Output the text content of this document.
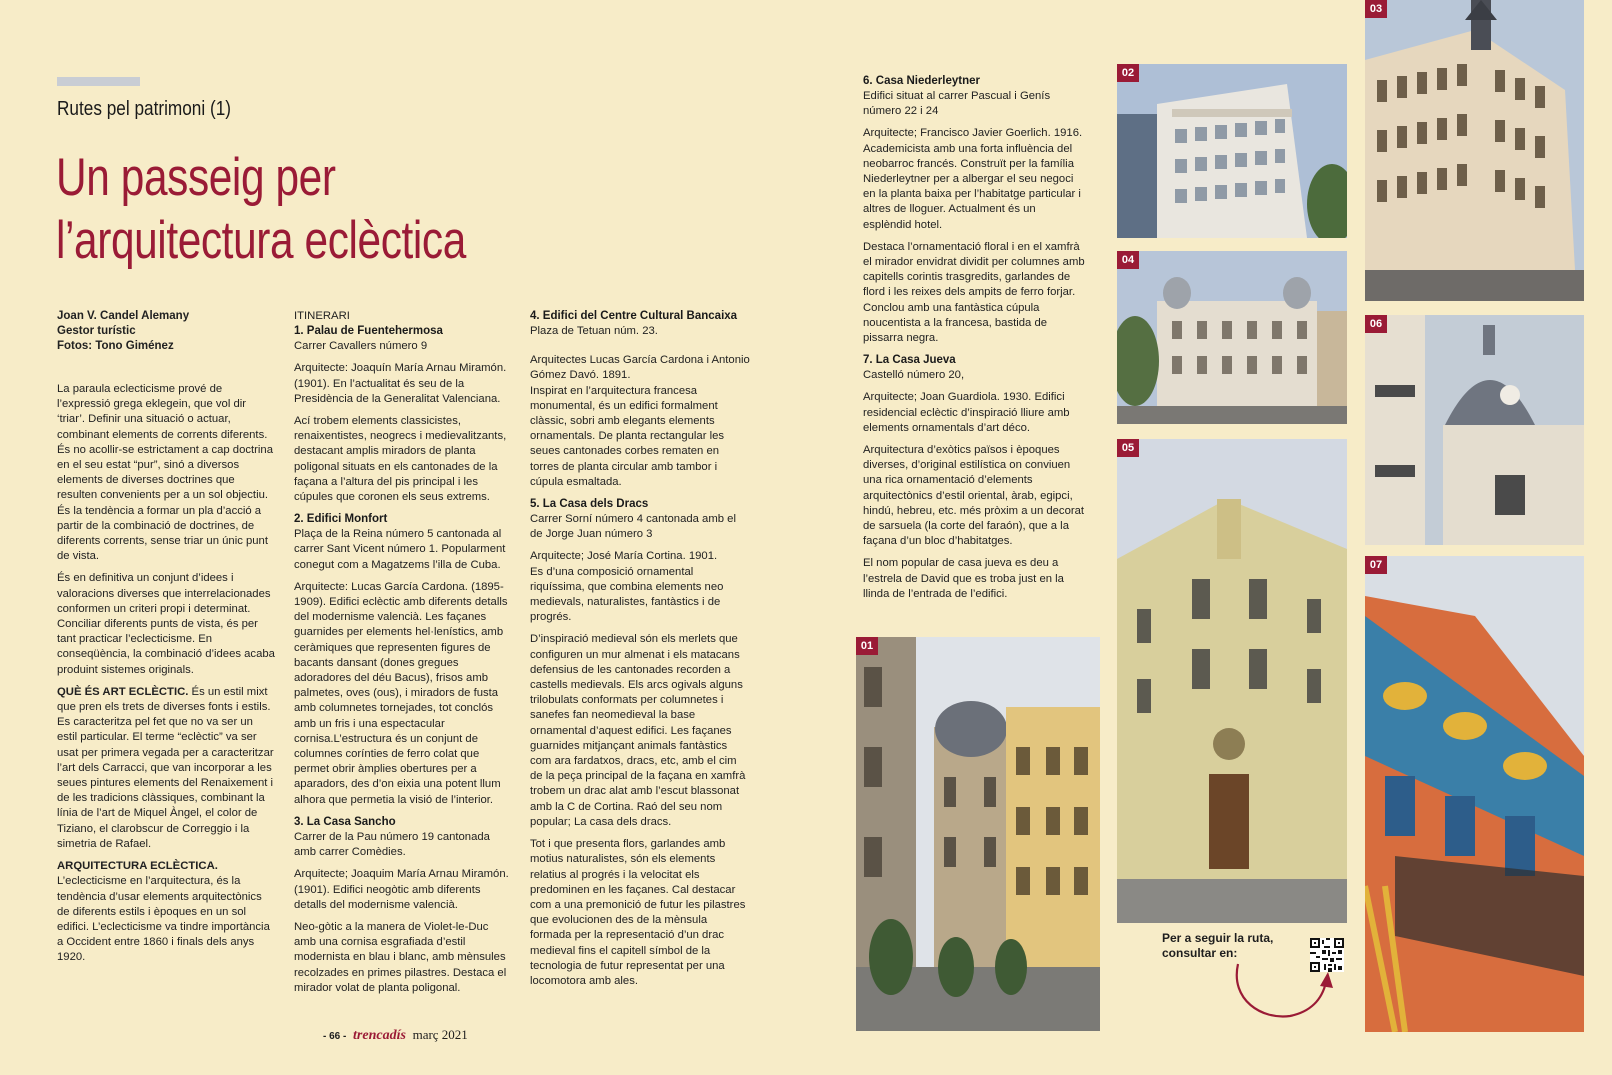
Rutes pel patrimoni (1)
Un passeig per
l’arquitectura eclèctica
Joan V. Candel Alemany
Gestor turístic
Fotos: Tono Giménez

La paraula eclecticisme prové de l’expressió grega eklegein, que vol dir ‘triar’. Definir una situació o actuar, combinant elements de corrents diferents. És no acollir-se estrictament a cap doctrina en el seu estat “pur”, sinó a diversos elements de diverses doctrines que resulten convenients per a un sol objectiu. És la tendència a formar un pla d’acció a partir de la combinació de doctrines, de diferents corrents, sense triar un únic punt de vista.

És en definitiva un conjunt d’idees i valoracions diverses que interrelacionades conformen un criteri propi i determinat. Conciliar diferents punts de vista, és per tant practicar l’eclecticisme. En conseqüència, la combinació d’idees acaba produint sistemes originals.

QUÈ ÉS ART ECLÈCTIC. És un estil mixt que pren els trets de diverses fonts i estils. Es caracteritza pel fet que no va ser un estil particular. El terme “eclèctic” va ser usat per primera vegada per a caracteritzar l’art dels Carracci, que van incorporar a les seues pintures elements del Renaixement i de les tradicions clàssiques, combinant la línia de l’art de Miquel Àngel, el color de Tiziano, el clarobscur de Correggio i la simetria de Rafael.

ARQUITECTURA ECLÈCTICA. L’eclecticisme en l’arquitectura, és la tendència d’usar elements arquitectònics de diferents estils i èpoques en un sol edifici. L’eclecticisme va tindre importància a Occident entre 1860 i finals dels anys 1920.

ITINERARI
1. Palau de Fuentehermosa

Carrer Cavallers número 9

Arquitecte: Joaquín María Arnau Miramón. (1901). En l’actualitat és seu de la Presidència de la Generalitat Valenciana.

Ací trobem elements classicistes, renaixentistes, neogrecs i medievalitzants, destacant amplis miradors de planta poligonal situats en els cantonades de la façana a l’altura del pis principal i les cúpules que coronen els seus extrems.

2. Edifici Monfort

Plaça de la Reina número 5 cantonada al carrer Sant Vicent número 1. Popularment conegut com a Magatzems l’illa de Cuba.

Arquitecte: Lucas García Cardona. (1895-1909). Edifici eclèctic amb diferents detalls del modernisme valencià. Les façanes guarnides per elements hel·lenístics, amb ceràmiques que representen figures de bacants dansant (dones gregues adoradores del déu Bacus), frisos amb palmetes, oves (ous), i miradors de fusta amb columnetes tornejades, tot conclós amb un fris i una espectacular cornisa.L’estructura és un conjunt de columnes corínties de ferro colat que permet obrir àmplies obertures per a aparadors, des d’on eixia una potent llum alhora que permetia la visió de l’interior.

3. La Casa Sancho

Carrer de la Pau número 19 cantonada amb carrer Comèdies.

Arquitecte; Joaquim María Arnau Miramón. (1901). Edifici neogòtic amb diferents detalls del modernisme valencià.

Neo-gòtic a la manera de Violet-le-Duc amb una cornisa esgrafiada d’estil modernista en blau i blanc, amb mènsules recolzades en primes pilastres. Destaca el mirador volat de planta poligonal.

4. Edifici del Centre Cultural Bancaixa

Plaza de Tetuan núm. 23.

Arquitectes Lucas García Cardona i Antonio Gómez Davó. 1891.

Inspirat en l’arquitectura francesa monumental, és un edifici formalment clàssic, sobri amb elegants elements ornamentals. De planta rectangular les seues cantonades corbes rematen en torres de planta circular amb tambor i cúpula esmaltada.

5. La Casa dels Dracs

Carrer Sorní número 4 cantonada amb el de Jorge Juan número 3

Arquitecte; José María Cortina. 1901.

Es d’una composició ornamental riquíssima, que combina elements neo medievals, naturalistes, fantàstics i de progrés.

D’inspiració medieval són els merlets que configuren un mur almenat i els matacans defensius de les cantonades recorden a castells medievals. Els arcs ogivals alguns trilobulats conformats per columnetes i sanefes fan neomedieval la base ornamental d’aquest edifici. Les façanes guarnides mitjançant animals fantàstics com ara fardatxos, dracs, etc, amb el cim de la peça principal de la façana en xamfrà trobem un drac alat amb l’escut blassonat amb la C de Cortina. Raó del seu nom popular; La casa dels dracs.

Tot i que presenta flors, garlandes amb motius naturalistes, són els elements relatius al progrés i la velocitat els predominen en les façanes. Cal destacar com a una premonició de futur les pilastres que evolucionen des de la mènsula formada per la representació d’un drac medieval fins el capitell símbol de la tecnologia de futur representat per una locomotora amb ales.

6. Casa Niederleytner

Edifici situat al carrer Pascual i Genís número 22 i 24

Arquitecte; Francisco Javier Goerlich. 1916. Academicista amb una forta influència del neobarroc francés. Construït per la família Niederleytner per a albergar el seu negoci en la planta baixa per l’habitatge particular i altres de lloguer. Actualment és un esplèndid hotel.

Destaca l’ornamentació floral i en el xamfrà el mirador envidrat dividit per columnes amb capitells corintis trasgredits, garlandes de flord i les reixes dels ampits de ferro forjar. Conclou amb una fantàstica cúpula noucentista a la francesa, bastida de pissarra negra.

7. La Casa Jueva

Castelló número 20,

Arquitecte; Joan Guardiola. 1930. Edifici residencial eclèctic d’inspiració lliure amb elements ornamentals d’art déco.

Arquitectura d’exòtics països i èpoques diverses, d’original estilística on conviuen una rica ornamentació d’elements arquitectònics d’estil oriental, àrab, egipci, hindú, hebreu, etc. més pròxim a un decorat de sarsuela (la corte del faraón), que a la façana d’un bloc d’habitatges.

El nom popular de casa jueva es deu a l’estrela de David que es troba just en la llinda de l’entrada de l’edifici.

01
02
03
04
05
06
07
Per a seguir la ruta, consultar en:
- 66 - trencadís març 2021
